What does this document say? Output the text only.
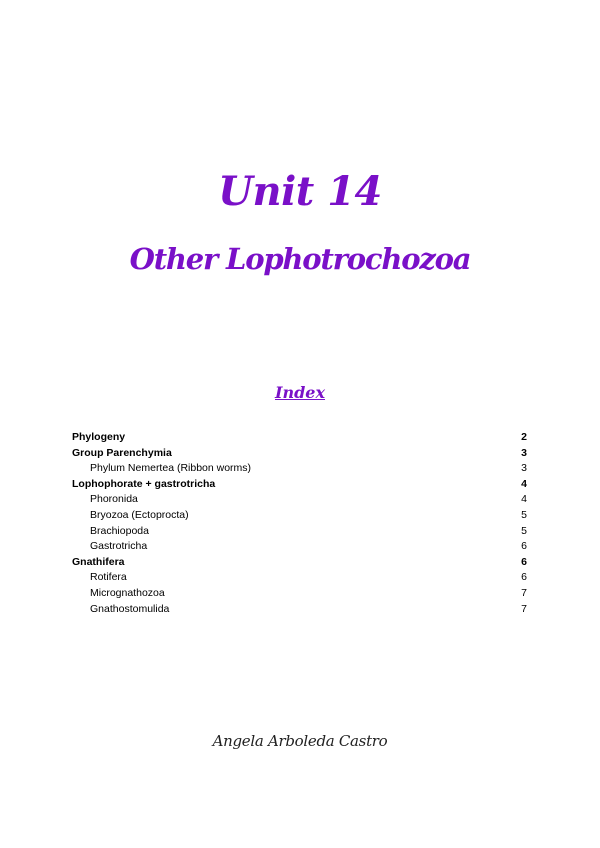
Unit 14
Other Lophotrochozoa
Index
Phylogeny	2
Group Parenchymia	3
Phylum Nemertea (Ribbon worms)	3
Lophophorate + gastrotricha	4
Phoronida	4
Bryozoa (Ectoprocta)	5
Brachiopoda	5
Gastrotricha	6
Gnathifera	6
Rotifera	6
Micrognathozoa	7
Gnathostomulida	7
Angela Arboleda Castro
